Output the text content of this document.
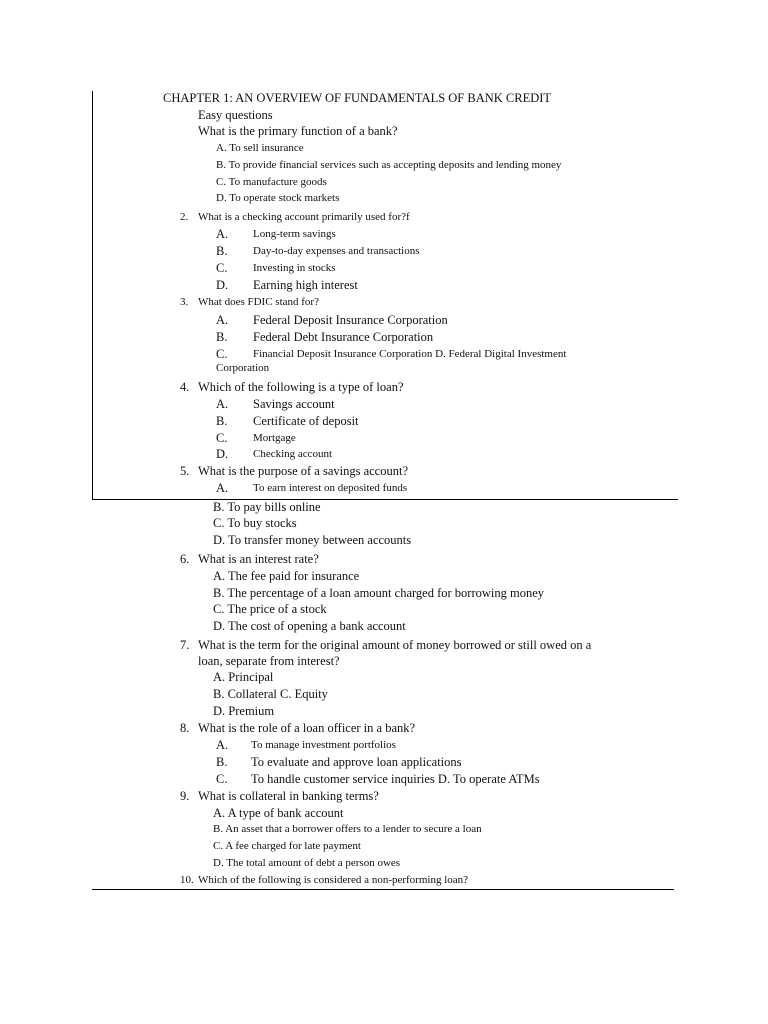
CHAPTER 1: AN OVERVIEW OF FUNDAMENTALS OF BANK CREDIT
Easy questions
What is the primary function of a bank?
A. To sell insurance
B. To provide financial services such as accepting deposits and lending money
C. To manufacture goods
D. To operate stock markets
2. What is a checking account primarily used for?f
A. Long-term savings
B. Day-to-day expenses and transactions
C. Investing in stocks
D. Earning high interest
3. What does FDIC stand for?
A. Federal Deposit Insurance Corporation
B. Federal Debt Insurance Corporation
C. Financial Deposit Insurance Corporation D. Federal Digital Investment
Corporation
4. Which of the following is a type of loan?
A. Savings account
B. Certificate of deposit
C. Mortgage
D. Checking account
5. What is the purpose of a savings account?
A. To earn interest on deposited funds
B. To pay bills online
C. To buy stocks
D. To transfer money between accounts
6. What is an interest rate?
A. The fee paid for insurance
B. The percentage of a loan amount charged for borrowing money
C. The price of a stock
D. The cost of opening a bank account
7. What is the term for the original amount of money borrowed or still owed on a
loan, separate from interest?
A. Principal
B. Collateral C. Equity
D. Premium
8. What is the role of a loan officer in a bank?
A. To manage investment portfolios
B. To evaluate and approve loan applications
C. To handle customer service inquiries D. To operate ATMs
9. What is collateral in banking terms?
A. A type of bank account
B. An asset that a borrower offers to a lender to secure a loan
C. A fee charged for late payment
D. The total amount of debt a person owes
10. Which of the following is considered a non-performing loan?
